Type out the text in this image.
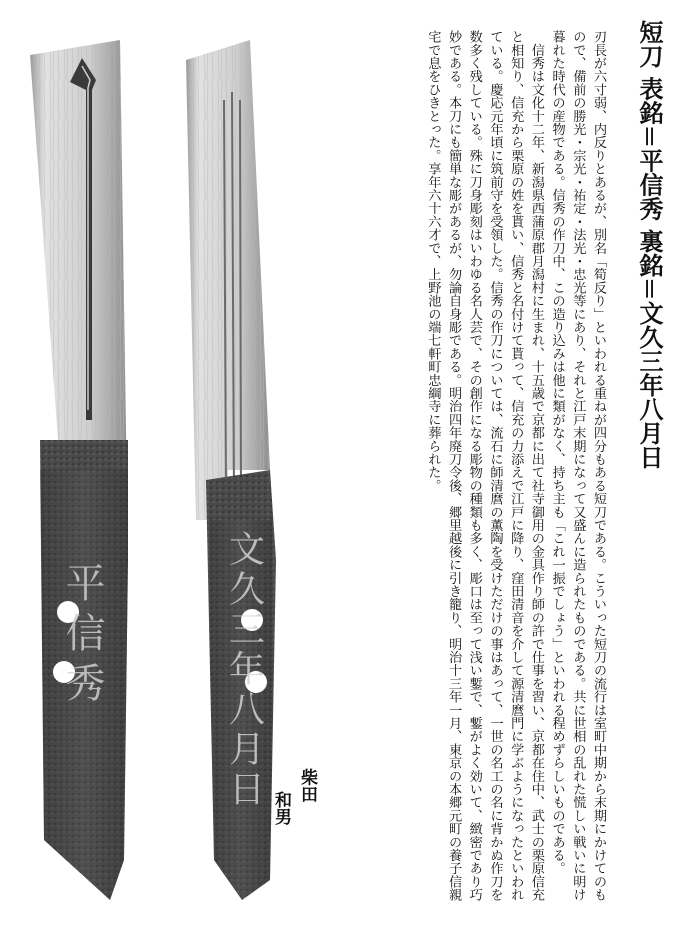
平信秀	文久三年八月日
短刀 表銘＝平信秀 裏銘＝文久三年八月日
刃長が六寸弱、内反りとあるが、別名「筍反り」といわれる重ねが四分もある短刀である。こういった短刀の流行は室町中期から末期にかけてのもので、備前の勝光・宗光・祐定・法光・忠光等にあり、それと江戸末期になって又盛んに造られたものである。共に世相の乱れた慌しい戦いに明け暮れた時代の産物である。信秀の作刀中、この造り込みは他に類がなく、持ち主も「これ一振でしょう」といわれる程めずらしいものである。
　信秀は文化十二年、新潟県西蒲原郡月潟村に生まれ、十五歳で京都に出て社寺御用の金具作り師の許で仕事を習い、京都在住中、武士の栗原信充と相知り、信充から栗原の姓を貰い、信秀と名付けて貰って、信充の力添えで江戸に降り、窪田清音を介して源清麿門に学ぶようになったといわれている。慶応元年頃に筑前守を受領した。信秀の作刀については、流石に師清麿の薫陶を受けただけの事はあって、一世の名工の名に背かぬ作刀を数多く残している。殊に刀身彫刻はいわゆる名人芸で、その創作になる彫物の種類も多く、彫口は至って浅い鏨で、鏨がよく効いて、緻密であり巧妙である。本刀にも簡単な彫があるが、勿論自身彫である。明治四年廃刀令後、郷里越後に引き籠り、明治十三年一月、東京の本郷元町の養子信親宅で息をひきとった。享年六十六才で、上野池の端七軒町忠綱寺に葬られた。

柴田
和男
